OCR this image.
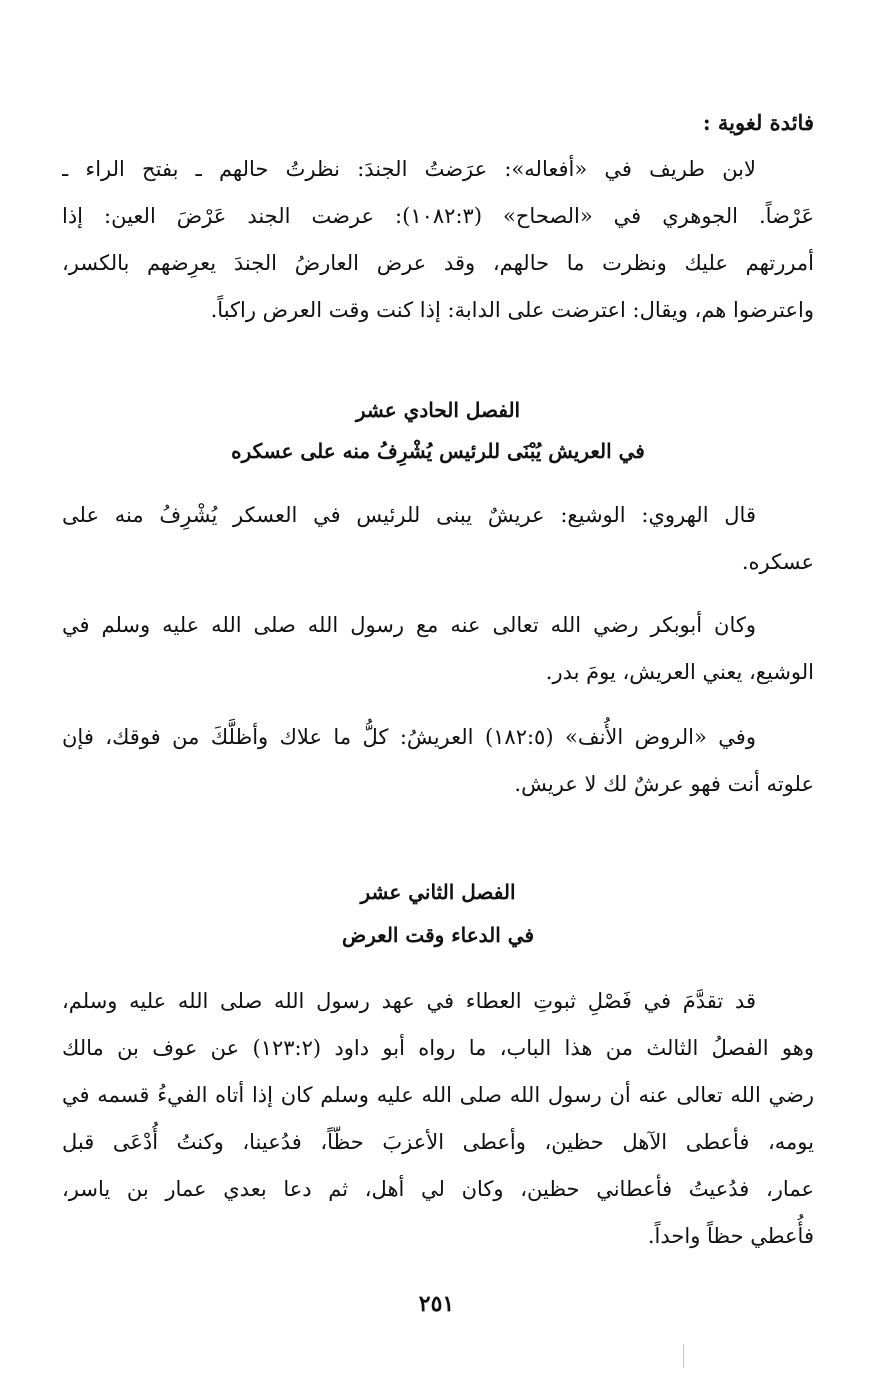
فائدة لغوية :
لابن طريف في «أفعاله»: عرَضتُ الجندَ: نظرتُ حالهم ـ بفتح الراء ـ
عَرْضاً. الجوهري في «الصحاح» (١٠٨٢:٣): عرضت الجند عَرْضَ العين: إذا
أمررتهم عليك ونظرت ما حالهم، وقد عرض العارضُ الجندَ يعرِضهم بالكسر،
واعترضوا هم، ويقال: اعترضت على الدابة: إذا كنت وقت العرض راكباً.
الفصل الحادي عشر
في العريش يُبْنَى للرئيس يُشْرِفُ منه على عسكره
قال الهروي: الوشيع: عريشٌ يبنى للرئيس في العسكر يُشْرِفُ منه على
عسكره.
وكان أبوبكر رضي الله تعالى عنه مع رسول الله صلى الله عليه وسلم في
الوشيع، يعني العريش، يومَ بدر.
وفي «الروض الأُنف» (١٨٢:٥) العريشُ: كلُّ ما علاك وأظلَّكَ من فوقك، فإن
علوته أنت فهو عرشٌ لك لا عريش.
الفصل الثاني عشر
في الدعاء وقت العرض
قد تقدَّمَ في فَصْلِ ثبوتِ العطاء في عهد رسول الله صلى الله عليه وسلم،
وهو الفصلُ الثالث من هذا الباب، ما رواه أبو داود (١٢٣:٢) عن عوف بن مالك
رضي الله تعالى عنه أن رسول الله صلى الله عليه وسلم كان إذا أتاه الفيءُ قسمه في
يومه، فأعطى الآهل حظين، وأعطى الأعزبَ حظّاً، فدُعينا، وكنتُ أُدْعَى قبل
عمار، فدُعيتُ فأعطاني حظين، وكان لي أهل، ثم دعا بعدي عمار بن ياسر،
فأُعطي حظاً واحداً.
٢٥١
